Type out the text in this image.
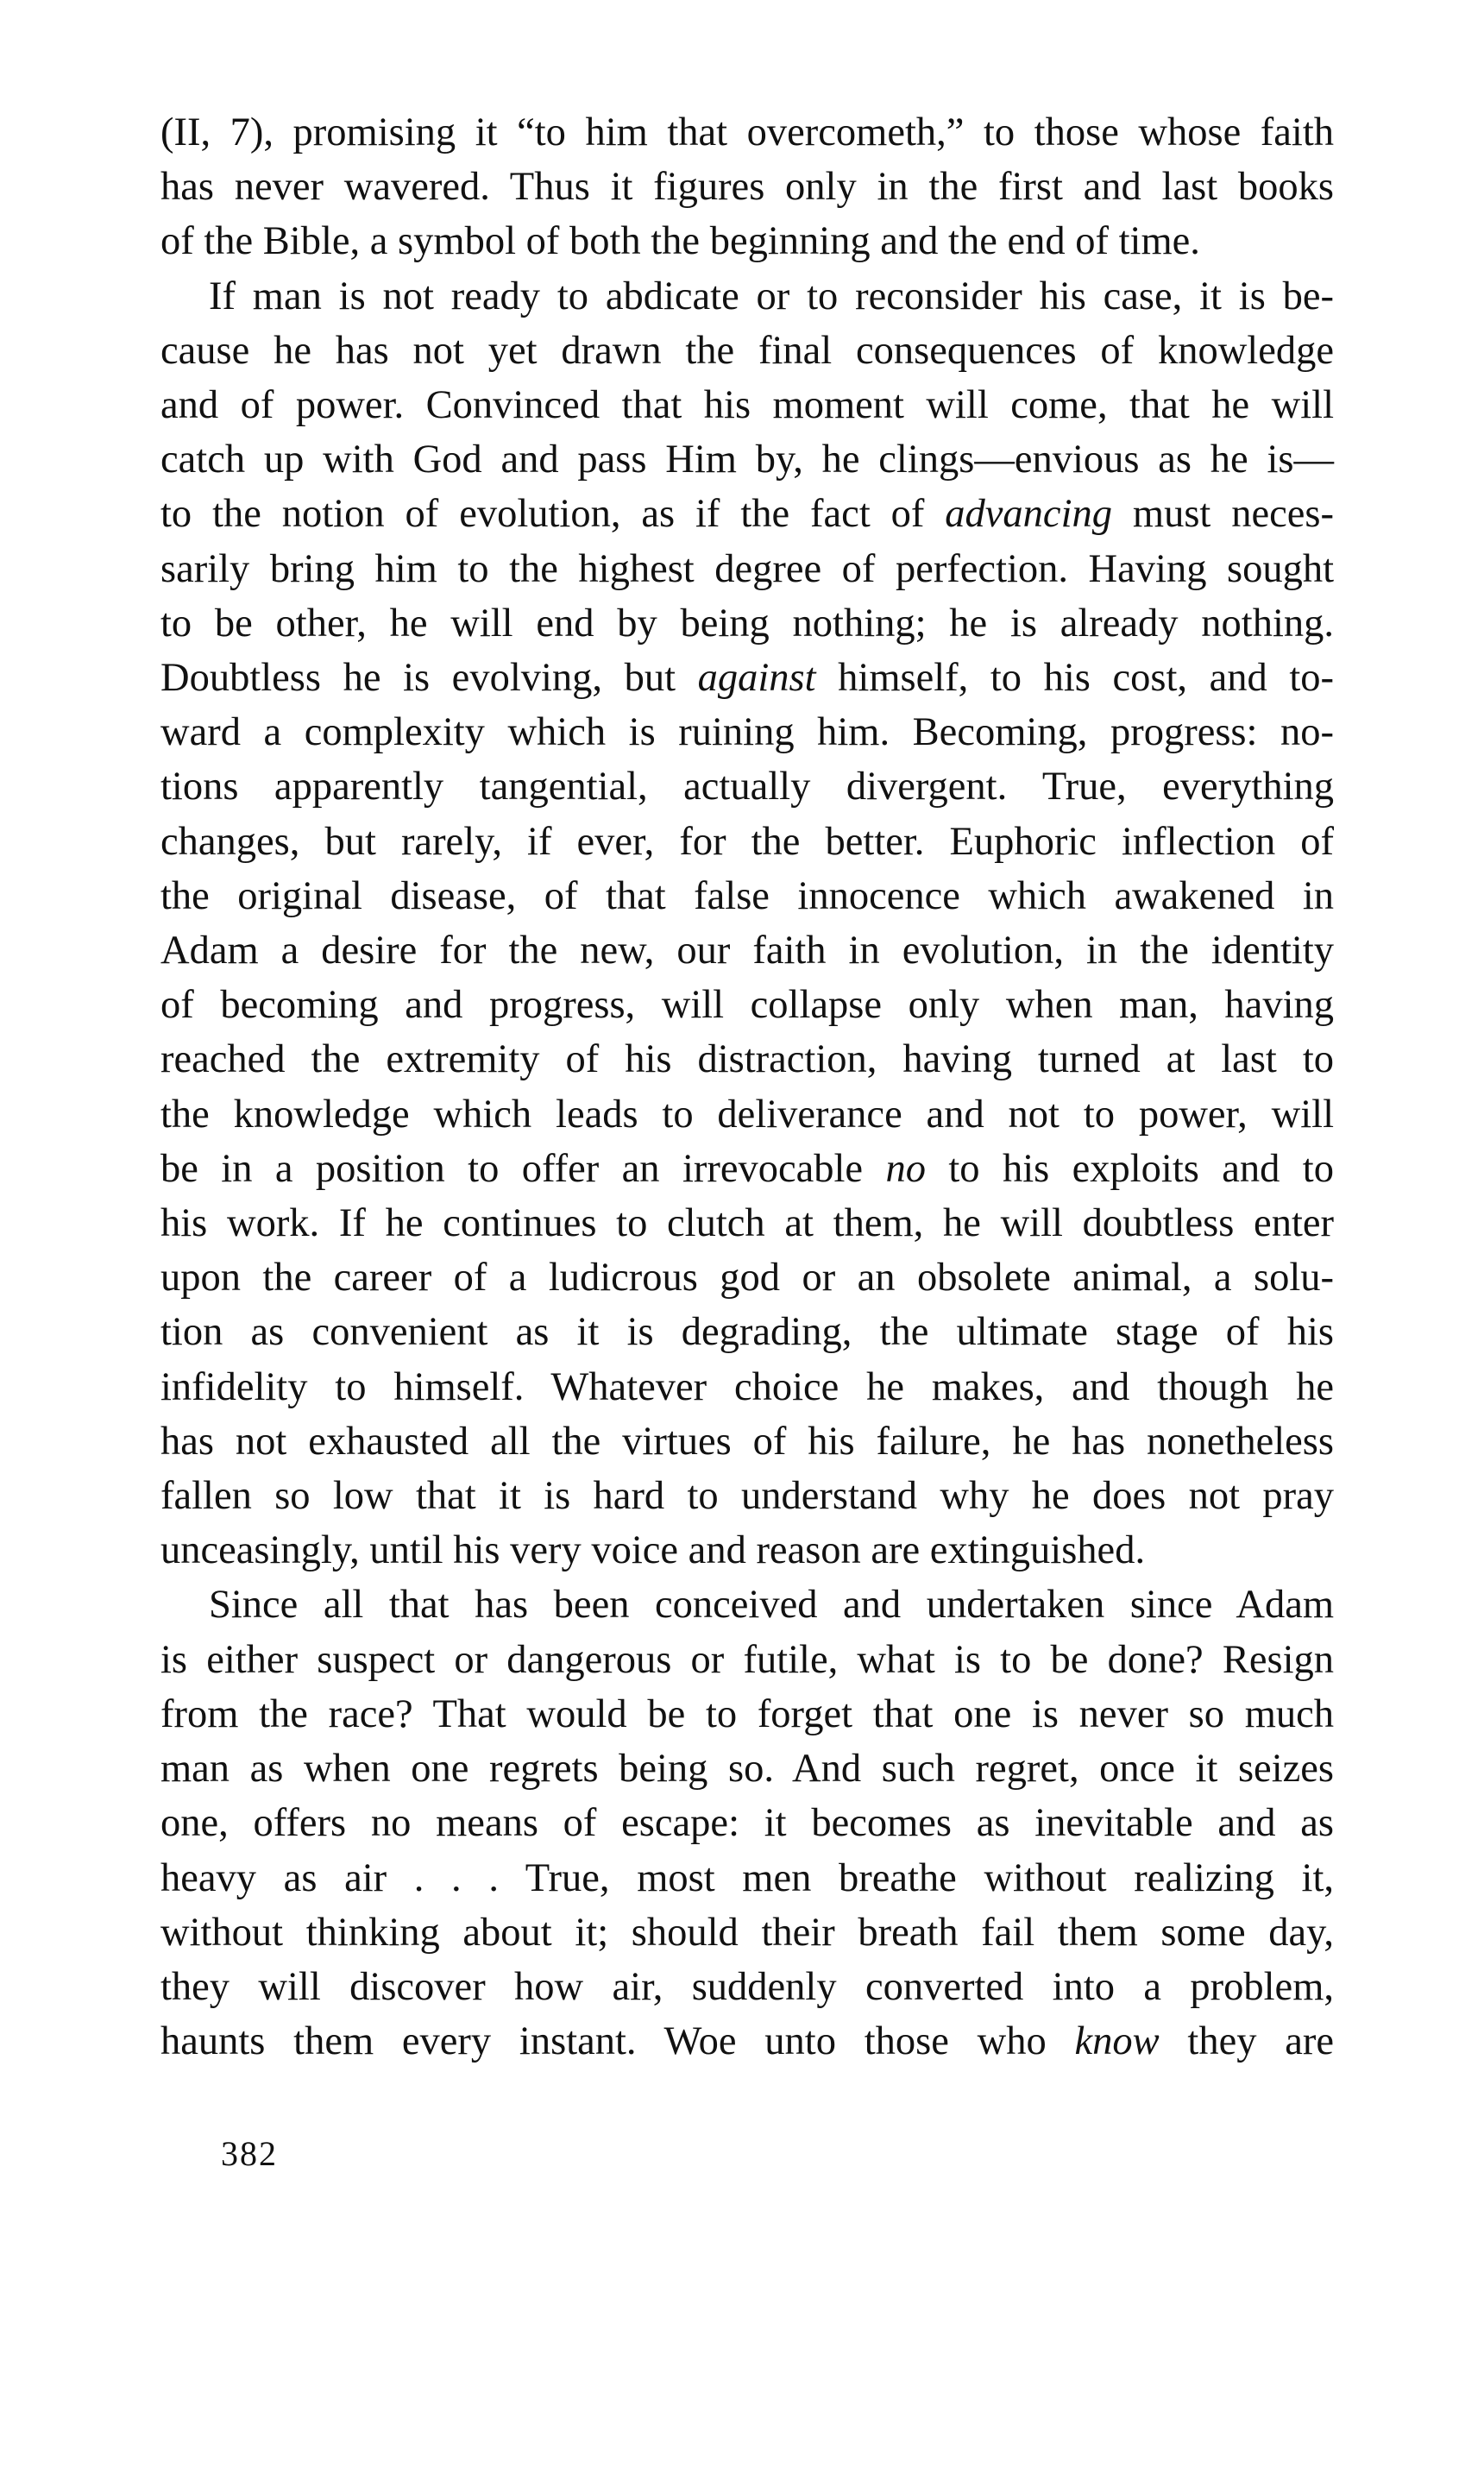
(II, 7), promising it “to him that overcometh,” to those whose faith
has never wavered. Thus it figures only in the first and last books
of the Bible, a symbol of both the beginning and the end of time.
If man is not ready to abdicate or to reconsider his case, it is be-
cause he has not yet drawn the final consequences of knowledge
and of power. Convinced that his moment will come, that he will
catch up with God and pass Him by, he clings—envious as he is—
to the notion of evolution, as if the fact of advancing must neces-
sarily bring him to the highest degree of perfection. Having sought
to be other, he will end by being nothing; he is already nothing.
Doubtless he is evolving, but against himself, to his cost, and to-
ward a complexity which is ruining him. Becoming, progress: no-
tions apparently tangential, actually divergent. True, everything
changes, but rarely, if ever, for the better. Euphoric inflection of
the original disease, of that false innocence which awakened in
Adam a desire for the new, our faith in evolution, in the identity
of becoming and progress, will collapse only when man, having
reached the extremity of his distraction, having turned at last to
the knowledge which leads to deliverance and not to power, will
be in a position to offer an irrevocable no to his exploits and to
his work. If he continues to clutch at them, he will doubtless enter
upon the career of a ludicrous god or an obsolete animal, a solu-
tion as convenient as it is degrading, the ultimate stage of his
infidelity to himself. Whatever choice he makes, and though he
has not exhausted all the virtues of his failure, he has nonetheless
fallen so low that it is hard to understand why he does not pray
unceasingly, until his very voice and reason are extinguished.
Since all that has been conceived and undertaken since Adam
is either suspect or dangerous or futile, what is to be done? Resign
from the race? That would be to forget that one is never so much
man as when one regrets being so. And such regret, once it seizes
one, offers no means of escape: it becomes as inevitable and as
heavy as air . . . True, most men breathe without realizing it,
without thinking about it; should their breath fail them some day,
they will discover how air, suddenly converted into a problem,
haunts them every instant. Woe unto those who know they are
382
